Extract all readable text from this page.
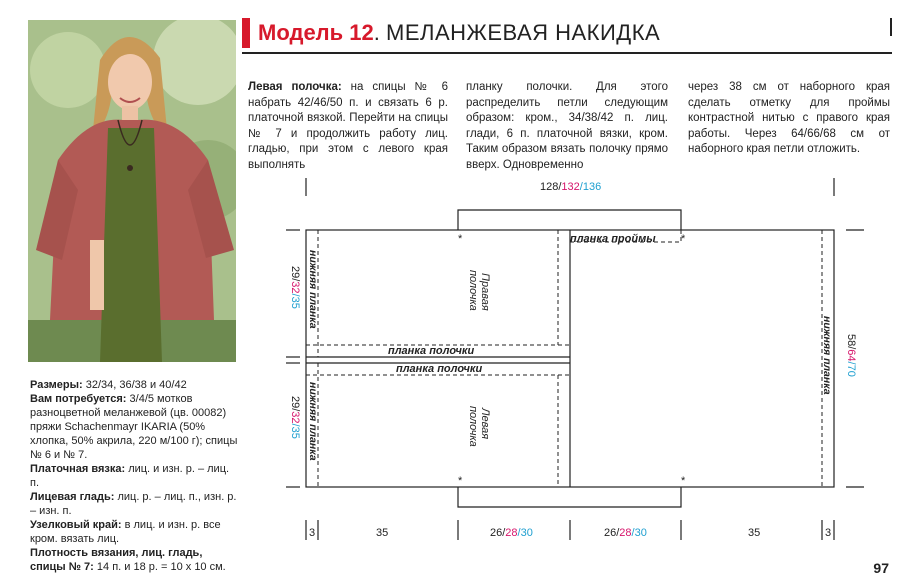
Модель 12. МЕЛАНЖЕВАЯ НАКИДКА
Левая полочка: на спицы № 6 набрать 42/46/50 п. и связать 6 р. платочной вязкой. Перейти на спицы № 7 и продолжить работу лиц. гладью, при этом с левого края выполнять
планку полочки. Для этого распределить петли следующим образом: кром., 34/38/42 п. лиц. глади, 6 п. платочной вязки, кром. Таким образом вязать полочку прямо вверх. Одновременно
через 38 см от наборного края сделать отметку для проймы контрастной нитью с правого края работы. Через 64/66/68 см от наборного края петли отложить.

Размеры: 32/34, 36/38 и 40/42

Вам потребуется: 3/4/5 мотков разноцветной меланжевой (цв. 00082) пряжи Schachenmayr IKARIA (50% хлопка, 50% акрила, 220 м/100 г); спицы № 6 и № 7.

Платочная вязка: лиц. и изн. р. – лиц. п.

Лицевая гладь: лиц. р. – лиц. п., изн. р. – изн. п.

Узелковый край: в лиц. и изн. р. все кром. вязать лиц.

Плотность вязания, лиц. гладь, спицы № 7: 14 п. и 18 р. = 10 x 10 см.

*	*
*	*
128/132/136
29/32/35
29/32/35
58/64/70
планка проймы
планка полочки
планка полочки
нижняя планка
нижняя планка
нижняя планка
Правая
полочка
Левая
полочка
3	35	26/28/30	26/28/30	35	3
97
